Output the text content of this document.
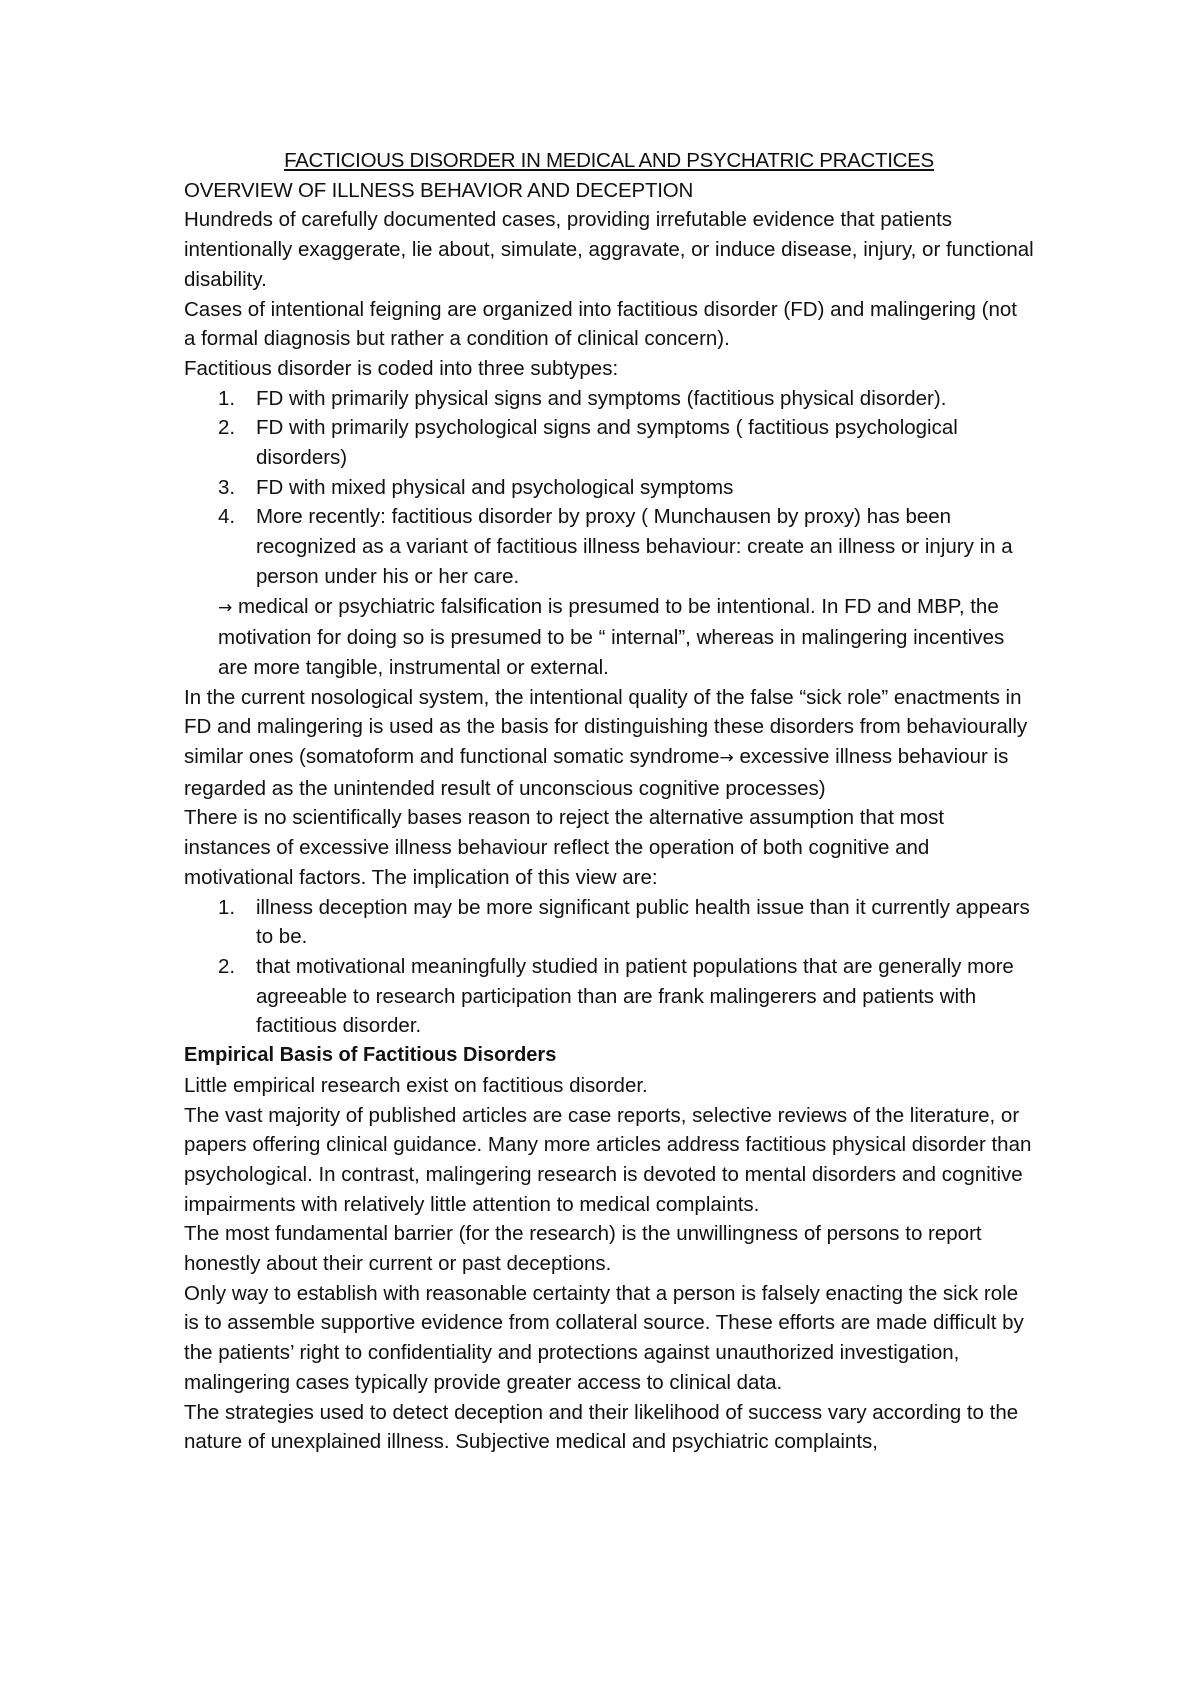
FACTICIOUS DISORDER IN MEDICAL AND PSYCHATRIC PRACTICES

OVERVIEW OF ILLNESS BEHAVIOR AND DECEPTION

Hundreds of carefully documented cases, providing irrefutable evidence that patients intentionally exaggerate, lie about, simulate, aggravate, or induce disease, injury, or functional disability.

Cases of intentional feigning are organized into factitious disorder (FD) and malingering (not a formal diagnosis but rather a condition of clinical concern).

Factitious disorder is coded into three subtypes:

1. FD with primarily physical signs and symptoms (factitious physical disorder).
2. FD with primarily psychological signs and symptoms ( factitious psychological disorders)
3. FD with mixed physical and psychological symptoms
4. More recently: factitious disorder by proxy ( Munchausen by proxy) has been recognized as a variant of factitious illness behaviour: create an illness or injury in a person under his or her care.

→ medical or psychiatric falsification is presumed to be intentional. In FD and MBP, the motivation for doing so is presumed to be “ internal”, whereas in malingering incentives are more tangible, instrumental or external.

In the current nosological system, the intentional quality of the false “sick role” enactments in FD and malingering is used as the basis for distinguishing these disorders from behaviourally similar ones (somatoform and functional somatic syndrome→ excessive illness behaviour is regarded as the unintended result of unconscious cognitive processes)

There is no scientifically bases reason to reject the alternative assumption that most instances of excessive illness behaviour reflect the operation of both cognitive and motivational factors. The implication of this view are:

1. illness deception may be more significant public health issue than it currently appears to be.
2. that motivational meaningfully studied in patient populations that are generally more agreeable to research participation than are frank malingerers and patients with factitious disorder.

Empirical Basis of Factitious Disorders

Little empirical research exist on factitious disorder.

The vast majority of published articles are case reports, selective reviews of the literature, or papers offering clinical guidance. Many more articles address factitious physical disorder than psychological. In contrast, malingering research is devoted to mental disorders and cognitive impairments with relatively little attention to medical complaints.

The most fundamental barrier (for the research) is the unwillingness of persons to report honestly about their current or past deceptions.

Only way to establish with reasonable certainty that a person is falsely enacting the sick role is to assemble supportive evidence from collateral source. These efforts are made difficult by the patients’ right to confidentiality and protections against unauthorized investigation, malingering cases typically provide greater access to clinical data.

The strategies used to detect deception and their likelihood of success vary according to the nature of unexplained illness. Subjective medical and psychiatric complaints,
